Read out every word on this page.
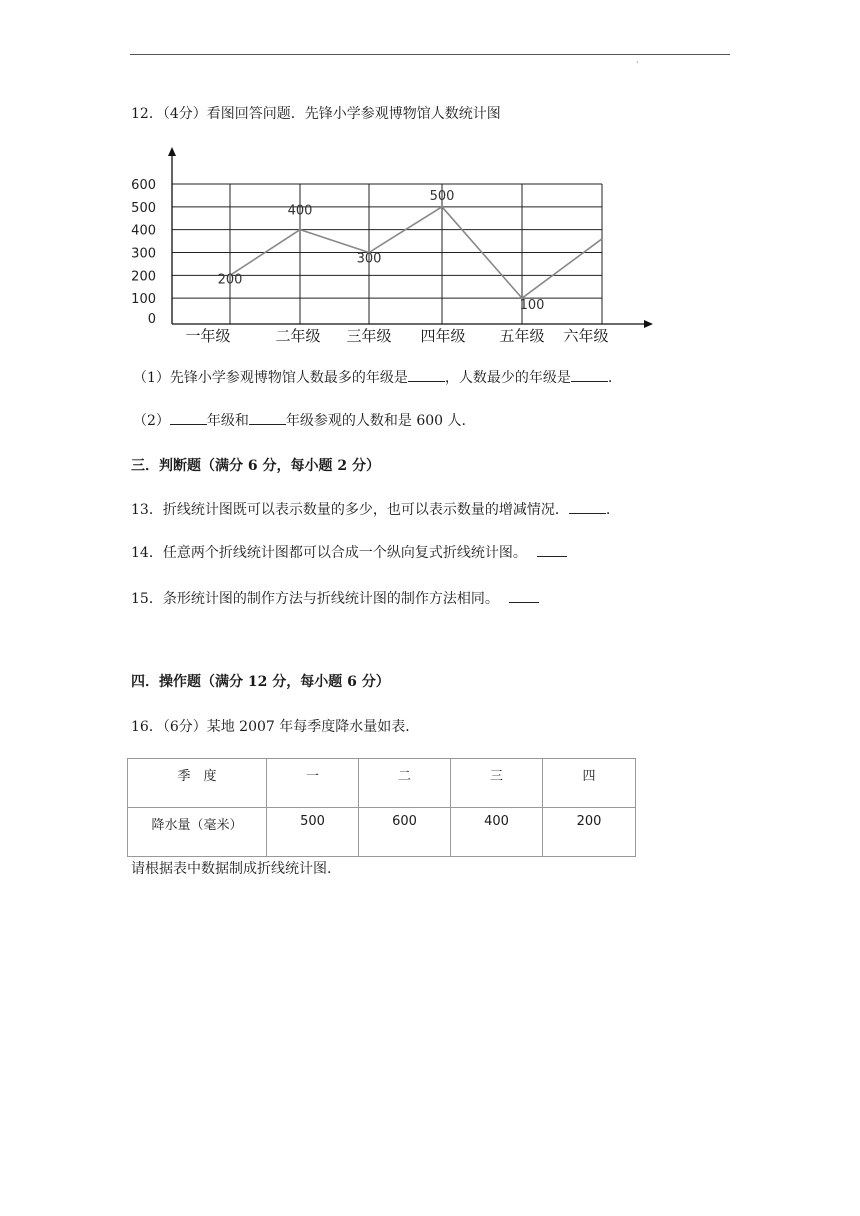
·
12．（4分）看图回答问题．先锋小学参观博物馆人数统计图
0
100
200
300
400
500
600
一年级	二年级 三年级 四年级 五年级 六年级
200
400
300
500
100
（1）先锋小学参观博物馆人数最多的年级是	，人数最少的年级是	.
（2）	年级和	年级参观的人数和是 600 人.
三．判断题（满分 6 分，每小题 2 分）
13．折线统计图既可以表示数量的多少，也可以表示数量的增减情况．	.
14．任意两个折线统计图都可以合成一个纵向复式折线统计图。
15．条形统计图的制作方法与折线统计图的制作方法相同。
四．操作题（满分 12 分，每小题 6 分）
16．（6分）某地 2007 年每季度降水量如表．
季　度	一	二	三	四

降水量（毫米）	500	600	400	200
请根据表中数据制成折线统计图.
